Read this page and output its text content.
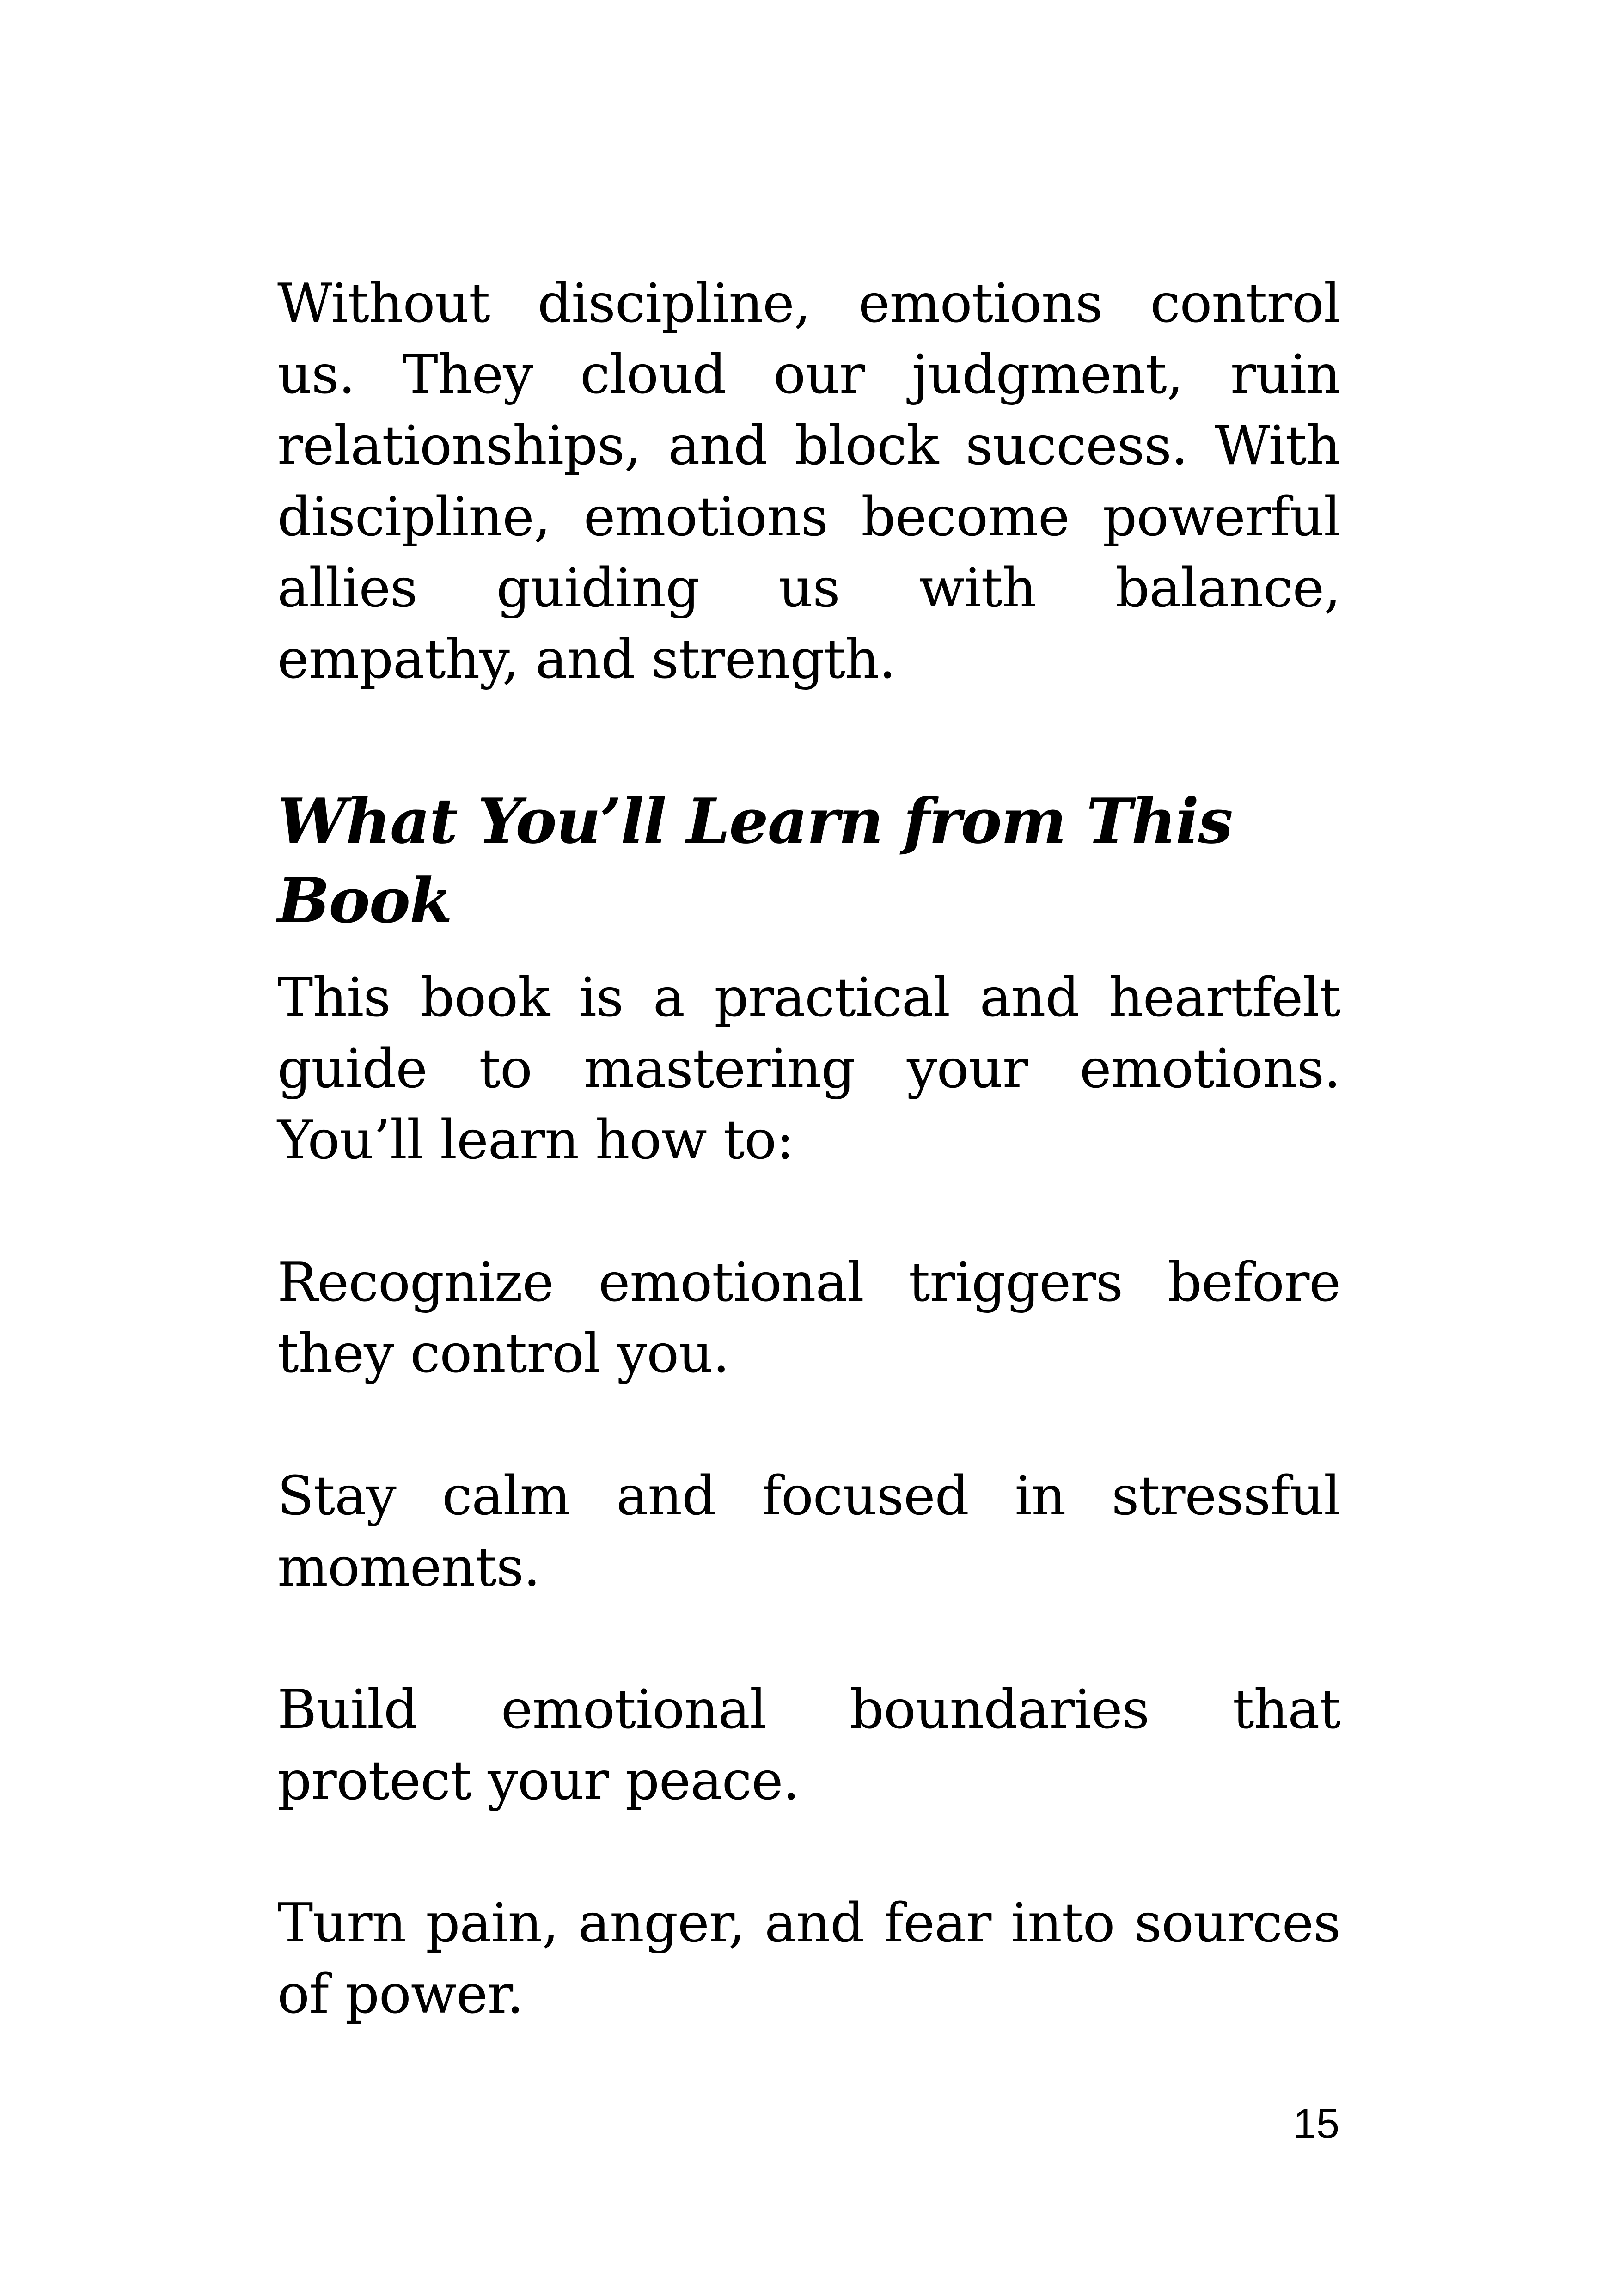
Without discipline, emotions control us. They cloud our judgment, ruin relationships, and block success. With discipline, emotions become powerful allies guiding us with balance, empathy, and strength.

What You’ll Learn from This Book

This book is a practical and heartfelt guide to mastering your emotions. You’ll learn how to:

Recognize emotional triggers before they control you.

Stay calm and focused in stressful moments.

Build emotional boundaries that protect your peace.

Turn pain, anger, and fear into sources of power.

15
